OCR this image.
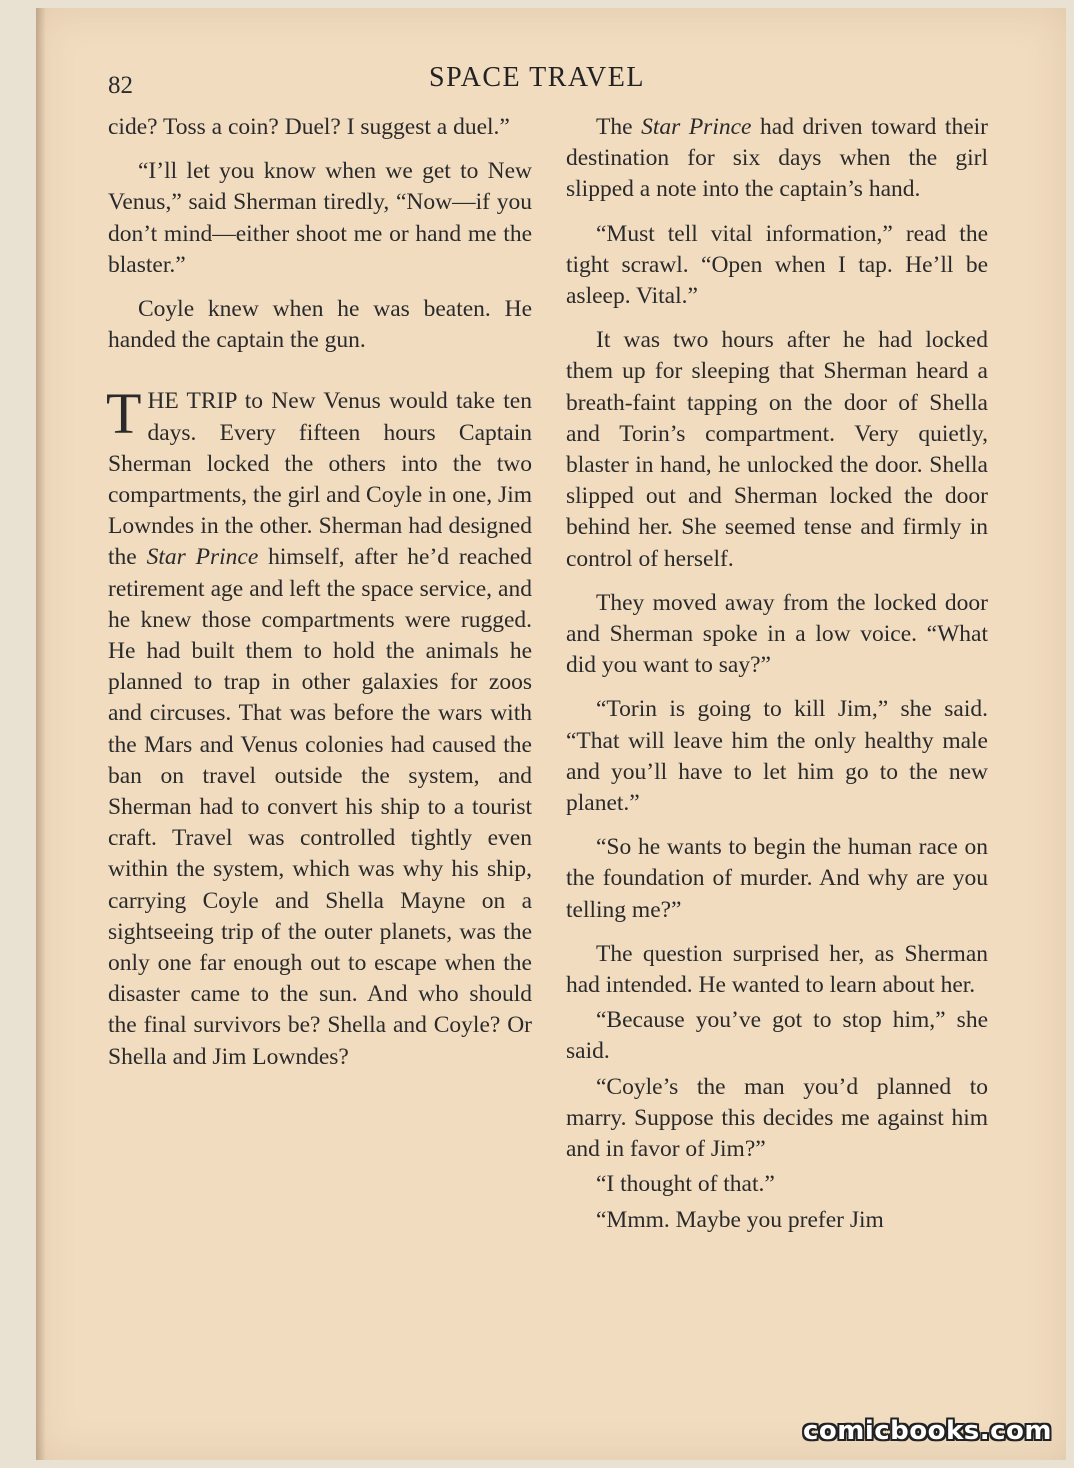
82	SPACE TRAVEL

cide? Toss a coin? Duel? I suggest a duel.”

“I’ll let you know when we get to New Venus,” said Sherman tiredly, “Now—if you don’t mind—either shoot me or hand me the blaster.”

Coyle knew when he was beaten. He handed the captain the gun.

THE TRIP to New Venus would take ten days. Every fifteen hours Captain Sherman locked the others into the two compartments, the girl and Coyle in one, Jim Lowndes in the other. Sherman had designed the Star Prince himself, after he’d reached retirement age and left the space service, and he knew those compartments were rugged. He had built them to hold the animals he planned to trap in other galaxies for zoos and circuses. That was before the wars with the Mars and Venus colonies had caused the ban on travel outside the system, and Sherman had to convert his ship to a tourist craft. Travel was controlled tightly even within the system, which was why his ship, carrying Coyle and Shella Mayne on a sightseeing trip of the outer planets, was the only one far enough out to escape when the disaster came to the sun. And who should the final survivors be? Shella and Coyle? Or Shella and Jim Lowndes?

The Star Prince had driven toward their destination for six days when the girl slipped a note into the captain’s hand.

“Must tell vital information,” read the tight scrawl. “Open when I tap. He’ll be asleep. Vital.”

It was two hours after he had locked them up for sleeping that Sherman heard a breath-faint tapping on the door of Shella and Torin’s compartment. Very quietly, blaster in hand, he unlocked the door. Shella slipped out and Sherman locked the door behind her. She seemed tense and firmly in control of herself.

They moved away from the locked door and Sherman spoke in a low voice. “What did you want to say?”

“Torin is going to kill Jim,” she said. “That will leave him the only healthy male and you’ll have to let him go to the new planet.”

“So he wants to begin the human race on the foundation of murder. And why are you telling me?”

The question surprised her, as Sherman had intended. He wanted to learn about her.

“Because you’ve got to stop him,” she said.

“Coyle’s the man you’d planned to marry. Suppose this decides me against him and in favor of Jim?”

“I thought of that.”

“Mmm. Maybe you prefer Jim

comicbooks.com
